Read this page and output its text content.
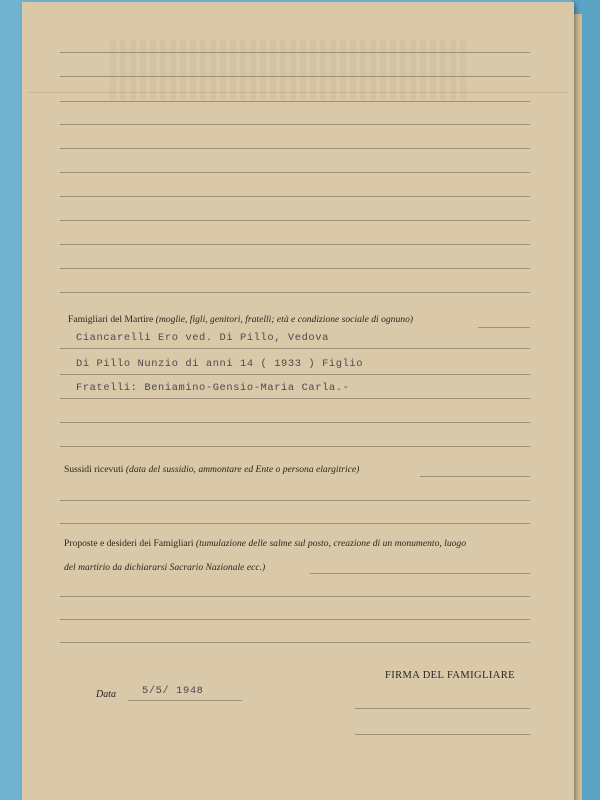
Famigliari del Martire (moglie, figli, genitori, fratelli; età e condizione sociale di ognuno)
Ciancarelli Ero ved. Di Pillo, Vedova
Di Pillo Nunzio di anni 14 ( 1933 ) Figlio
Fratelli: Beniamino-Gensio-Maria Carla.-
Sussidi ricevuti (data del sussidio, ammontare ed Ente o persona elargitrice)
Proposte e desideri dei Famigliari (tumulazione delle salme sul posto, creazione di un monumento, luogo
del martirio da dichiararsi Sacrario Nazionale ecc.)
FIRMA DEL FAMIGLIARE
Data	5/5/ 1948
